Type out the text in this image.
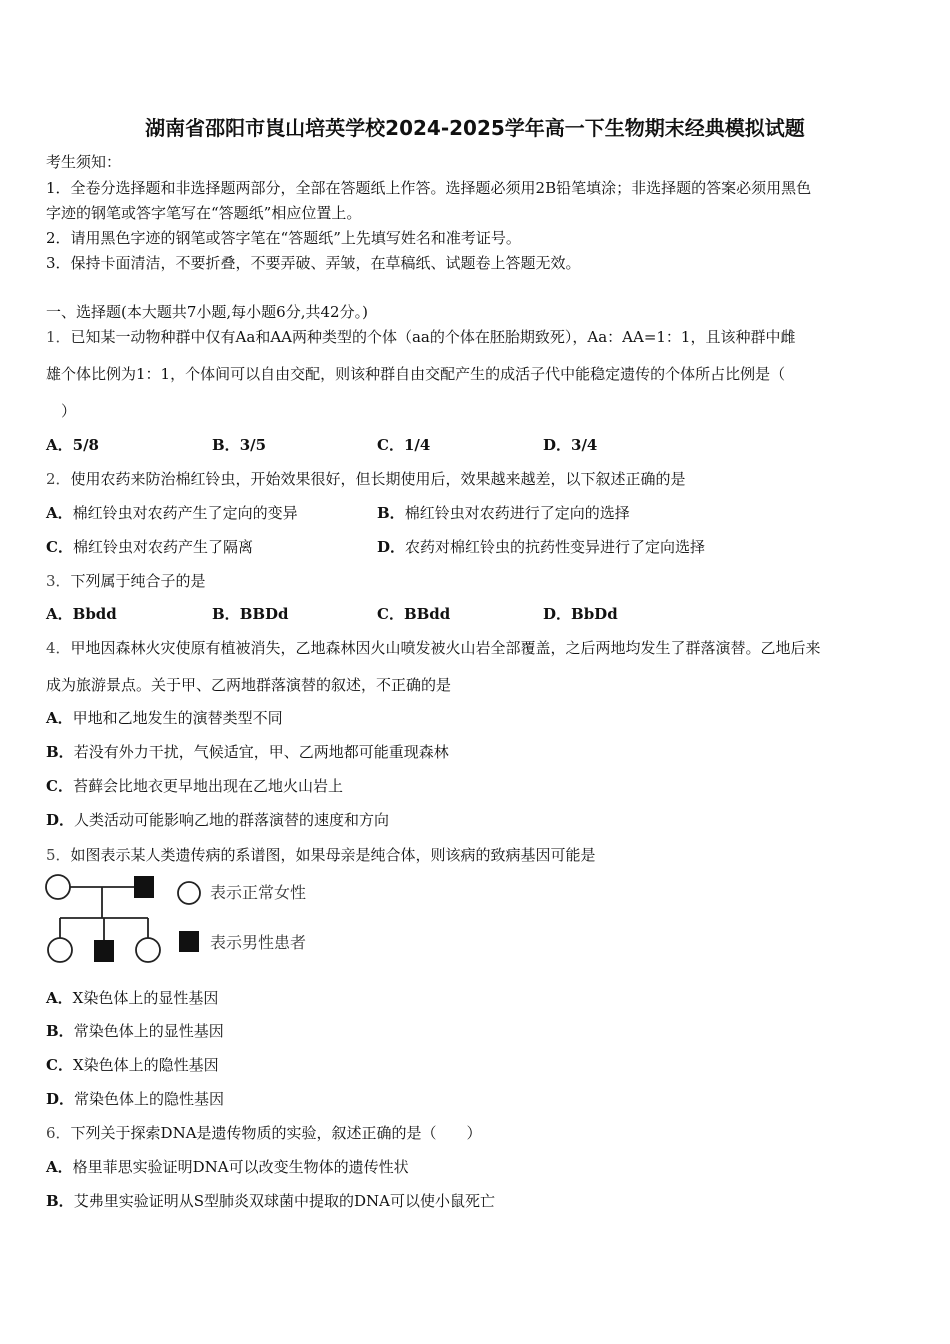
湖南省邵阳市崀山培英学校2024-2025学年高一下生物期末经典模拟试题
考生须知：
1．全卷分选择题和非选择题两部分，全部在答题纸上作答。选择题必须用2B铅笔填涂；非选择题的答案必须用黑色
字迹的钢笔或答字笔写在“答题纸”相应位置上。
2．请用黑色字迹的钢笔或答字笔在“答题纸”上先填写姓名和准考证号。
3．保持卡面清洁，不要折叠，不要弄破、弄皱，在草稿纸、试题卷上答题无效。
一、选择题(本大题共7小题,每小题6分,共42分。)
1．已知某一动物种群中仅有Aa和AA两种类型的个体（aa的个体在胚胎期致死），Aa：AA=1：1，且该种群中雌
雄个体比例为1：1，个体间可以自由交配，则该种群自由交配产生的成活子代中能稳定遗传的个体所占比例是（
　）
A．5/8	B．3/5	C．1/4	D．3/4
2．使用农药来防治棉红铃虫，开始效果很好，但长期使用后，效果越来越差，以下叙述正确的是
A．棉红铃虫对农药产生了定向的变异	B．棉红铃虫对农药进行了定向的选择
C．棉红铃虫对农药产生了隔离	D．农药对棉红铃虫的抗药性变异进行了定向选择
3．下列属于纯合子的是
A．Bbdd	B．BBDd	C．BBdd	D．BbDd
4．甲地因森林火灾使原有植被消失，乙地森林因火山喷发被火山岩全部覆盖，之后两地均发生了群落演替。乙地后来
成为旅游景点。关于甲、乙两地群落演替的叙述，不正确的是
A．甲地和乙地发生的演替类型不同
B．若没有外力干扰，气候适宜，甲、乙两地都可能重现森林
C．苔藓会比地衣更早地出现在乙地火山岩上
D．人类活动可能影响乙地的群落演替的速度和方向
5．如图表示某人类遗传病的系谱图，如果母亲是纯合体，则该病的致病基因可能是
表示正常女性
表示男性患者
A．X染色体上的显性基因
B．常染色体上的显性基因
C．X染色体上的隐性基因
D．常染色体上的隐性基因
6．下列关于探索DNA是遗传物质的实验，叙述正确的是（　　）
A．格里菲思实验证明DNA可以改变生物体的遗传性状
B．艾弗里实验证明从S型肺炎双球菌中提取的DNA可以使小鼠死亡
